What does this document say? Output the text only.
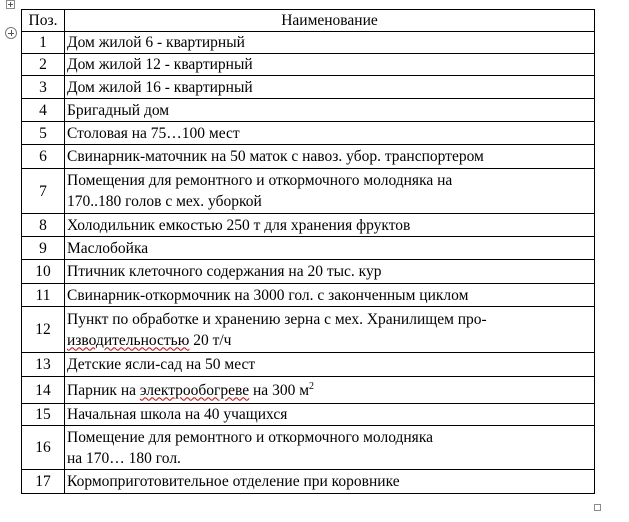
Поз.	Наименование
1	Дом жилой 6 - квартирный
2	Дом жилой 12 - квартирный
3	Дом жилой 16 - квартирный
4	Бригадный дом
5	Столовая на 75…100 мест
6	Свинарник-маточник на 50 маток с навоз. убор. транспортером
7	Помещения для ремонтного и откормочного молодняка на
170..180 голов с мех. уборкой
8	Холодильник емкостью 250 т для хранения фруктов
9	Маслобойка
10	Птичник клеточного содержания на 20 тыс. кур
11	Свинарник-откормочник на 3000 гол. с законченным циклом
12	Пункт по обработке и хранению зерна с мех. Хранилищем про-
изводительностью 20 т/ч
13	Детские ясли-сад на 50 мест
14	Парник на электрообогреве на 300 $м^2$
15	Начальная школа на 40 учащихся
16	Помещение для ремонтного и откормочного молодняка
на 170… 180 гол.
17	Кормоприготовительное отделение при коровнике
